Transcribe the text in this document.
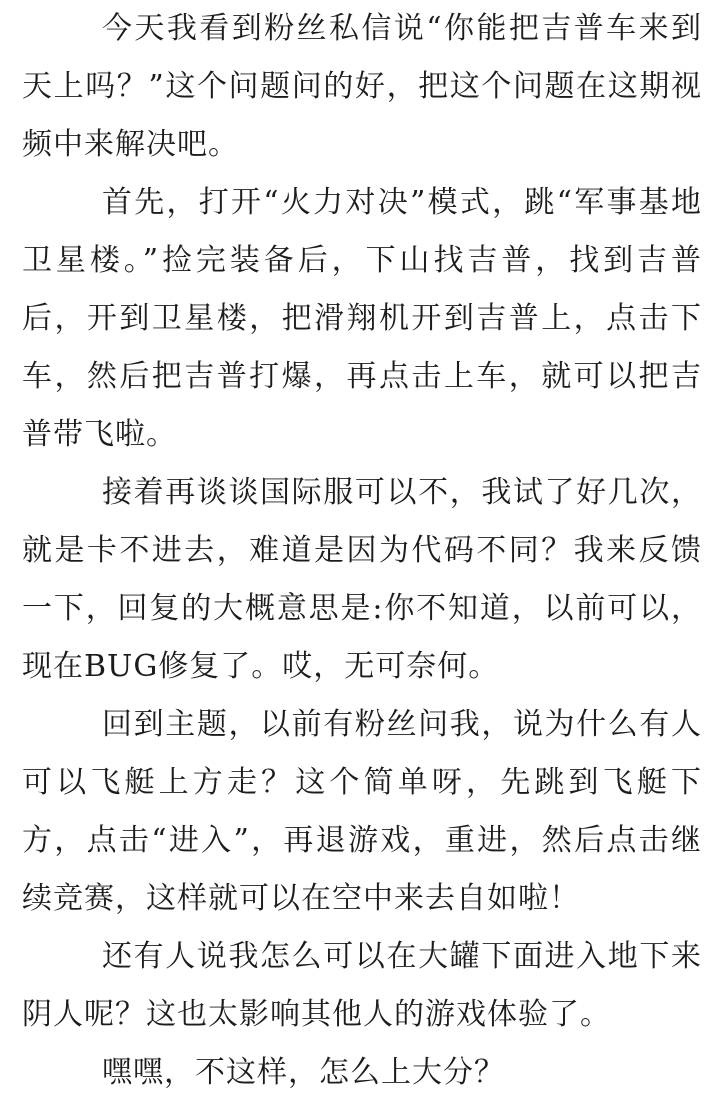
今天我看到粉丝私信说“你能把吉普车来到天上吗？”这个问题问的好，把这个问题在这期视频中来解决吧。

首先，打开“火力对决”模式，跳“军事基地卫星楼。”捡完装备后，下山找吉普，找到吉普后，开到卫星楼，把滑翔机开到吉普上，点击下车，然后把吉普打爆，再点击上车，就可以把吉普带飞啦。

接着再谈谈国际服可以不，我试了好几次，就是卡不进去，难道是因为代码不同？我来反馈一下，回复的大概意思是:你不知道，以前可以，现在BUG修复了。哎，无可奈何。

回到主题，以前有粉丝问我，说为什么有人可以飞艇上方走？这个简单呀，先跳到飞艇下方，点击“进入”，再退游戏，重进，然后点击继续竞赛，这样就可以在空中来去自如啦！

还有人说我怎么可以在大罐下面进入地下来阴人呢？这也太影响其他人的游戏体验了。

嘿嘿，不这样，怎么上大分？
